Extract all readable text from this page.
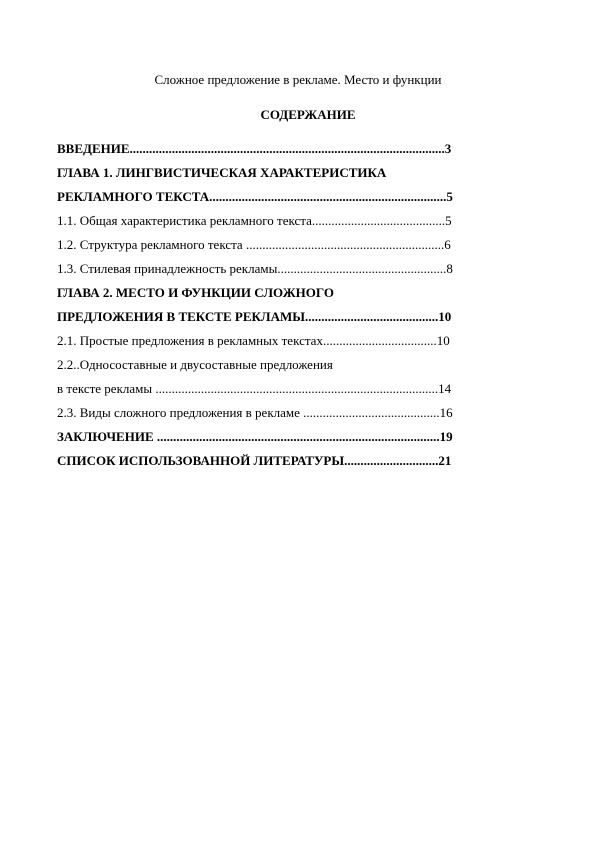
Сложное предложение в рекламе. Место и функции
СОДЕРЖАНИЕ
ВВЕДЕНИЕ.................................................................................................3
ГЛАВА 1. ЛИНГВИСТИЧЕСКАЯ ХАРАКТЕРИСТИКА
РЕКЛАМНОГО ТЕКСТА.........................................................................5
1.1. Общая характеристика рекламного текста.........................................5
1.2. Структура рекламного текста .............................................................6
1.3. Стилевая принадлежность рекламы....................................................8
ГЛАВА 2. МЕСТО И ФУНКЦИИ СЛОЖНОГО
ПРЕДЛОЖЕНИЯ В ТЕКСТЕ РЕКЛАМЫ.........................................10
2.1. Простые предложения в рекламных текстах...................................10
2.2..Односоставные и двусоставные предложения
в тексте рекламы .......................................................................................14
2.3. Виды сложного предложения в рекламе ..........................................16
ЗАКЛЮЧЕНИЕ .......................................................................................19
СПИСОК ИСПОЛЬЗОВАННОЙ ЛИТЕРАТУРЫ.............................21
